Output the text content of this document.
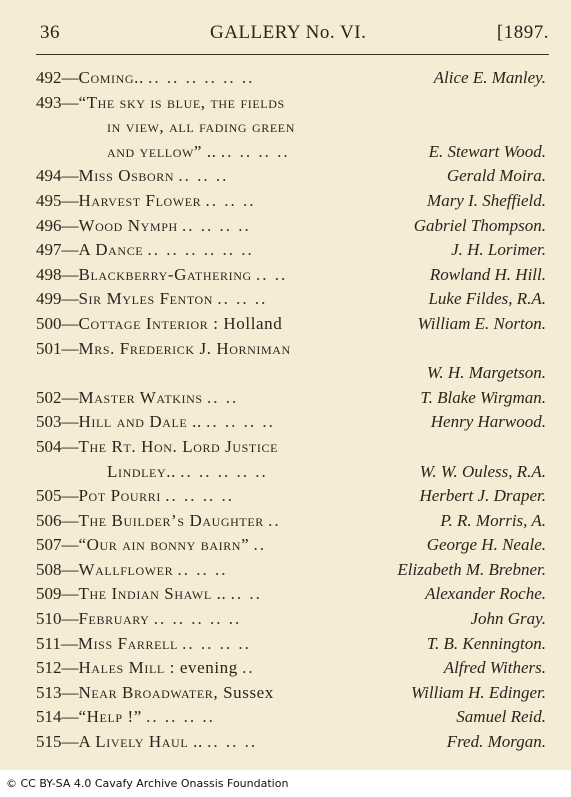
36	GALLERY No. VI.	[1897.
492—Coming.. .. .. .. .. .. ..	Alice E. Manley.
493—“The sky is blue, the fields
in view, all fading green
and yellow” .. .. .. .. ..	E. Stewart Wood.
494—Miss Osborn .. .. ..	Gerald Moira.
495—Harvest Flower .. .. ..	Mary I. Sheffield.
496—Wood Nymph .. .. .. ..	Gabriel Thompson.
497—A Dance .. .. .. .. .. ..	J. H. Lorimer.
498—Blackberry-Gathering .. ..	Rowland H. Hill.
499—Sir Myles Fenton .. .. ..	Luke Fildes, R.A.
500—Cottage Interior : Holland	William E. Norton.
501—Mrs. Frederick J. Horniman
W. H. Margetson.
502—Master Watkins .. ..	T. Blake Wirgman.
503—Hill and Dale .. .. .. .. ..	Henry Harwood.
504—The Rt. Hon. Lord Justice
Lindley.. .. .. .. .. ..	W. W. Ouless, R.A.
505—Pot Pourri .. .. .. ..	Herbert J. Draper.
506—The Builder’s Daughter ..	P. R. Morris, A.
507—“Our ain bonny bairn” ..	George H. Neale.
508—Wallflower .. .. ..	Elizabeth M. Brebner.
509—The Indian Shawl .. .. ..	Alexander Roche.
510—February .. .. .. .. ..	John Gray.
511—Miss Farrell .. .. .. ..	T. B. Kennington.
512—Hales Mill : evening ..	Alfred Withers.
513—Near Broadwater, Sussex	William H. Edinger.
514—“Help !” .. .. .. ..	Samuel Reid.
515—A Lively Haul .. .. .. ..	Fred. Morgan.
© CC BY-SA 4.0 Cavafy Archive Onassis Foundation
